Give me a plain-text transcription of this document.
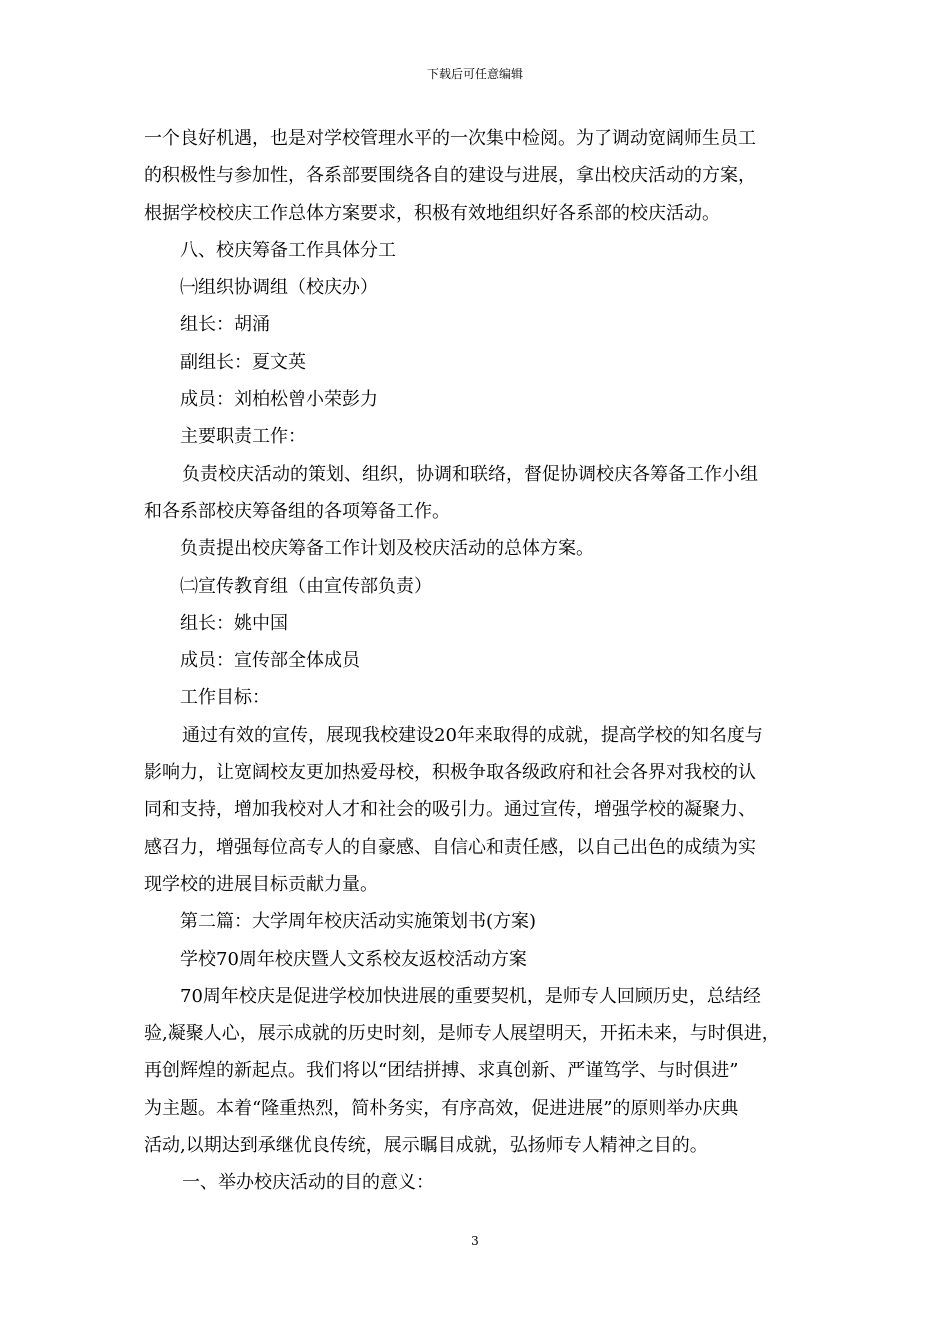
下载后可任意编辑

一个良好机遇，也是对学校管理水平的一次集中检阅。为了调动宽阔师生员工

的积极性与参加性，各系部要围绕各自的建设与进展，拿出校庆活动的方案，

根据学校校庆工作总体方案要求，积极有效地组织好各系部的校庆活动。

八、校庆筹备工作具体分工

㈠组织协调组（校庆办）

组长：胡涌

副组长：夏文英

成员：刘柏松曾小荣彭力

主要职责工作：

负责校庆活动的策划、组织，协调和联络，督促协调校庆各筹备工作小组

和各系部校庆筹备组的各项筹备工作。

负责提出校庆筹备工作计划及校庆活动的总体方案。

㈡宣传教育组（由宣传部负责）

组长：姚中国

成员：宣传部全体成员

工作目标：

通过有效的宣传，展现我校建设20年来取得的成就，提高学校的知名度与

影响力，让宽阔校友更加热爱母校，积极争取各级政府和社会各界对我校的认

同和支持，增加我校对人才和社会的吸引力。通过宣传，增强学校的凝聚力、

感召力，增强每位高专人的自豪感、自信心和责任感，以自己出色的成绩为实

现学校的进展目标贡献力量。

第二篇：大学周年校庆活动实施策划书(方案)

学校70周年校庆暨人文系校友返校活动方案

70周年校庆是促进学校加快进展的重要契机，是师专人回顾历史，总结经

验,凝聚人心，展示成就的历史时刻，是师专人展望明天，开拓未来，与时俱进，

再创辉煌的新起点。我们将以“团结拼搏、求真创新、严谨笃学、与时俱进”

为主题。本着“隆重热烈，简朴务实，有序高效，促进进展”的原则举办庆典

活动,以期达到承继优良传统，展示瞩目成就，弘扬师专人精神之目的。

一、举办校庆活动的目的意义：

3
